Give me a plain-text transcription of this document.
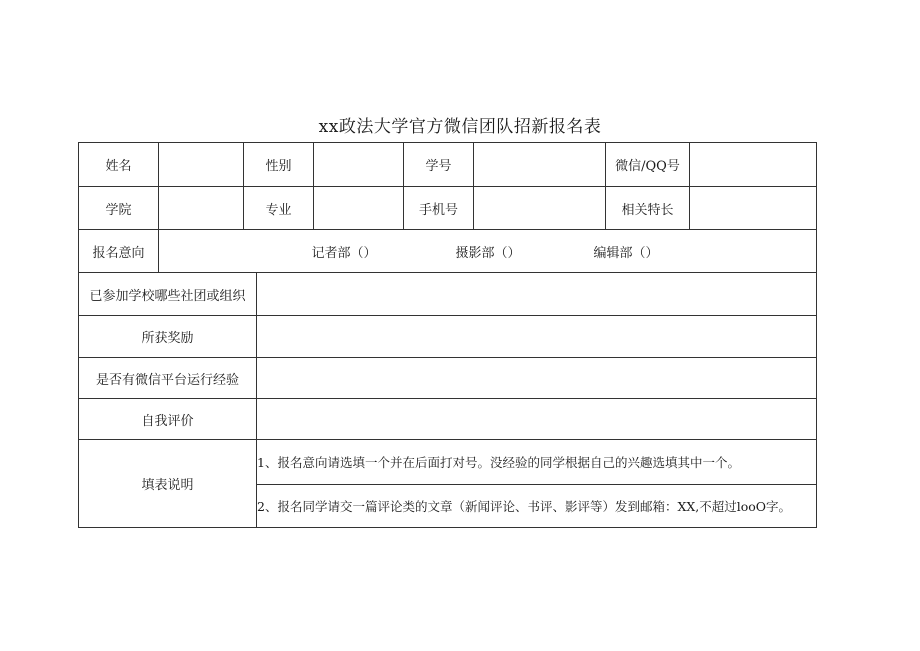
xx政法大学官方微信团队招新报名表
姓名	性别	学号	微信/QQ号
学院	专业	手机号	相关特长
报名意向	记者部（）	摄影部（）	编辑部（）
已参加学校哪些社团或组织
所获奖励
是否有微信平台运行经验
自我评价
填表说明
1、报名意向请选填一个并在后面打对号。没经验的同学根据自己的兴趣选填其中一个。
2、报名同学请交一篇评论类的文章（新闻评论、书评、影评等）发到邮箱：XX,不超过looO字。
